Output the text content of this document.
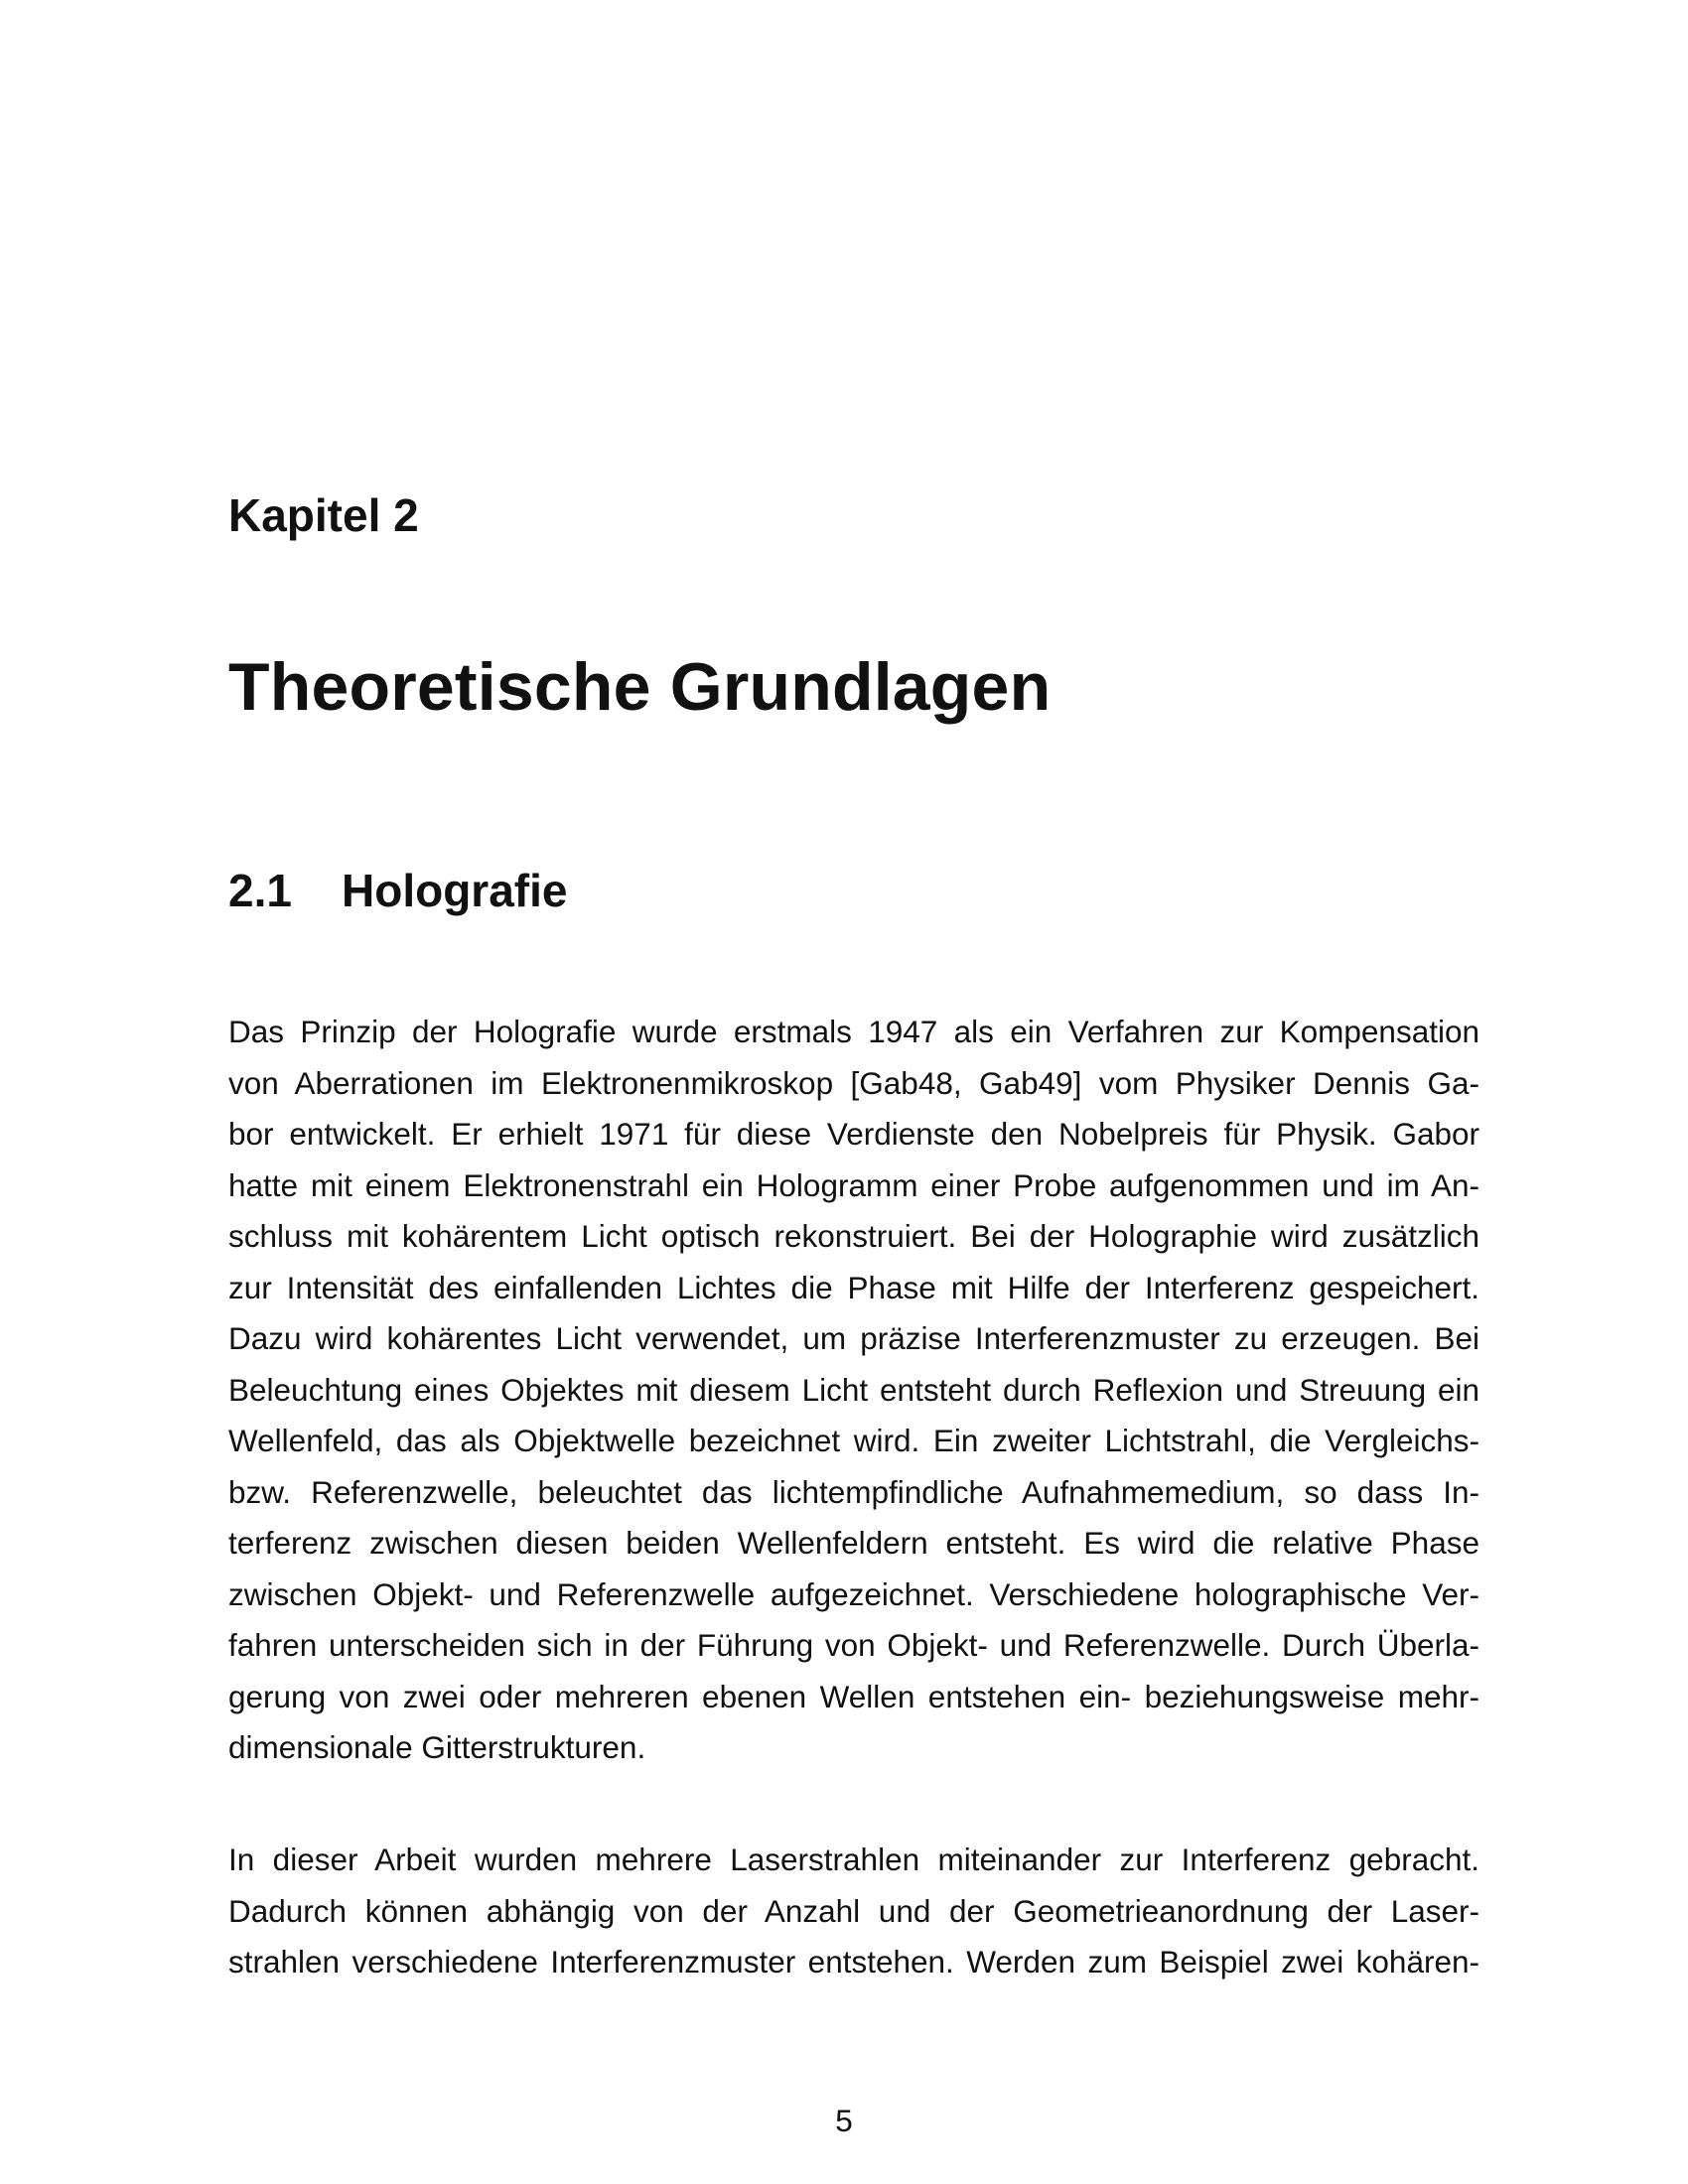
Kapitel 2
Theoretische Grundlagen
2.1 Holografie
Das Prinzip der Holografie wurde erstmals 1947 als ein Verfahren zur Kompensation
von Aberrationen im Elektronenmikroskop [Gab48, Gab49] vom Physiker Dennis Ga-
bor entwickelt. Er erhielt 1971 für diese Verdienste den Nobelpreis für Physik. Gabor
hatte mit einem Elektronenstrahl ein Hologramm einer Probe aufgenommen und im An-
schluss mit kohärentem Licht optisch rekonstruiert. Bei der Holographie wird zusätzlich
zur Intensität des einfallenden Lichtes die Phase mit Hilfe der Interferenz gespeichert.
Dazu wird kohärentes Licht verwendet, um präzise Interferenzmuster zu erzeugen. Bei
Beleuchtung eines Objektes mit diesem Licht entsteht durch Reflexion und Streuung ein
Wellenfeld, das als Objektwelle bezeichnet wird. Ein zweiter Lichtstrahl, die Vergleichs-
bzw. Referenzwelle, beleuchtet das lichtempfindliche Aufnahmemedium, so dass In-
terferenz zwischen diesen beiden Wellenfeldern entsteht. Es wird die relative Phase
zwischen Objekt- und Referenzwelle aufgezeichnet. Verschiedene holographische Ver-
fahren unterscheiden sich in der Führung von Objekt- und Referenzwelle. Durch Überla-
gerung von zwei oder mehreren ebenen Wellen entstehen ein- beziehungsweise mehr-
dimensionale Gitterstrukturen.
In dieser Arbeit wurden mehrere Laserstrahlen miteinander zur Interferenz gebracht.
Dadurch können abhängig von der Anzahl und der Geometrieanordnung der Laser-
strahlen verschiedene Interferenzmuster entstehen. Werden zum Beispiel zwei kohären-
5
